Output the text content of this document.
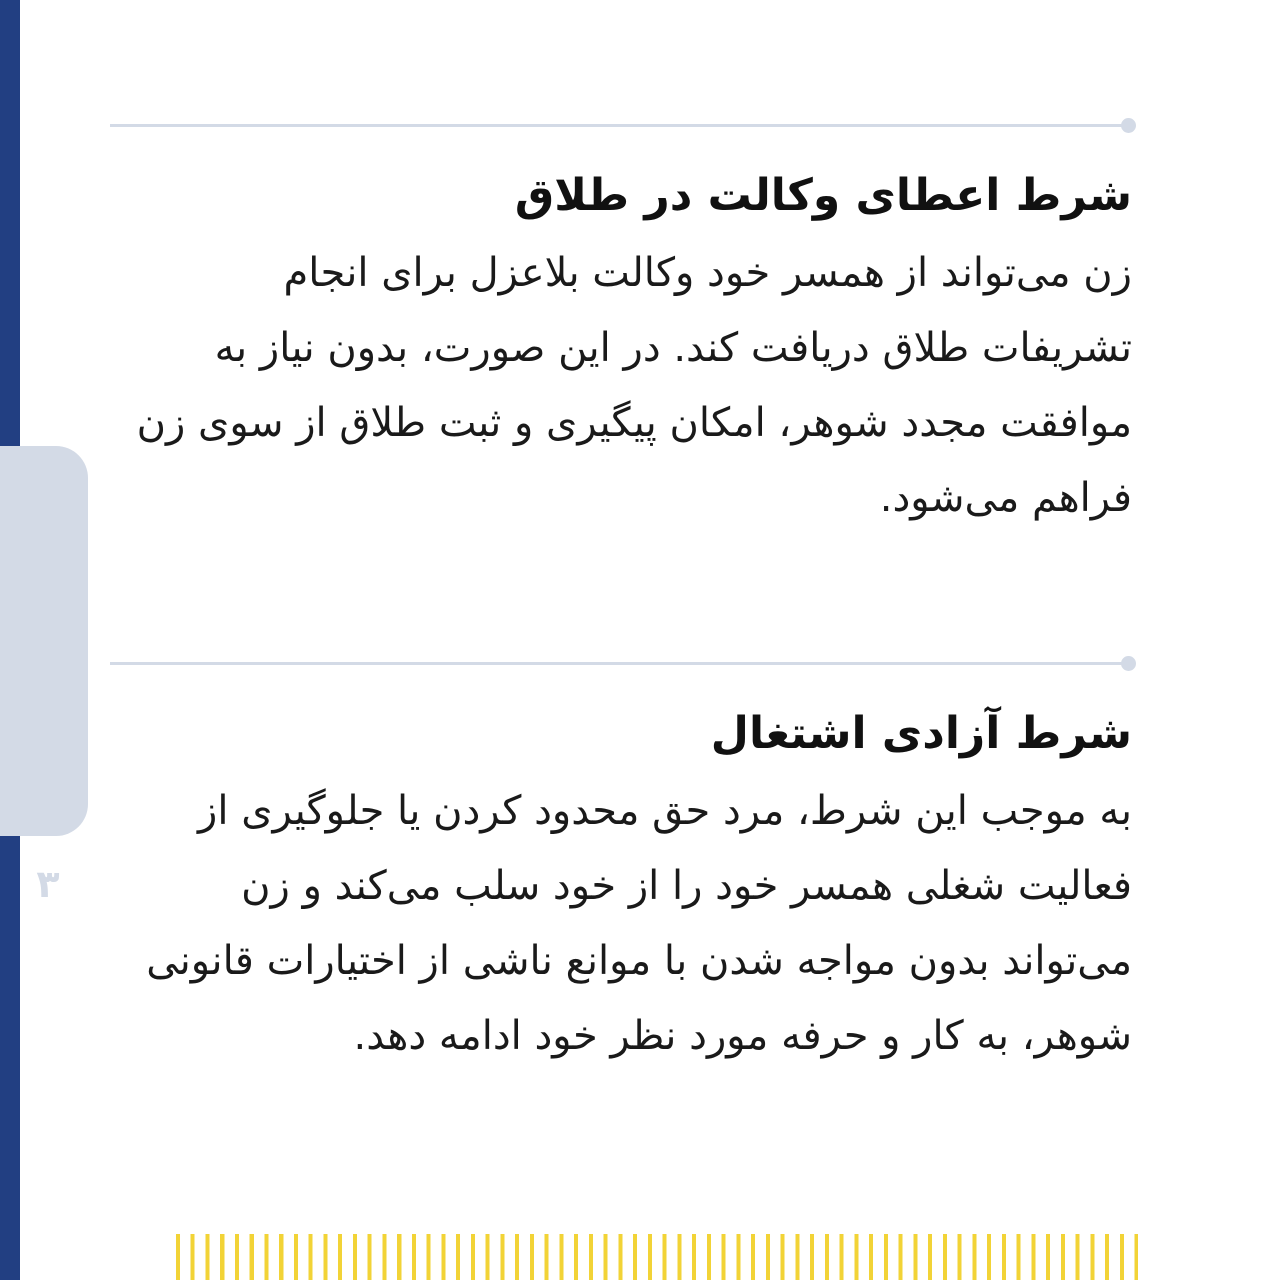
dadban.info
۳
شرط اعطای وکالت در طلاق

زن می‌تواند از همسر خود وکالت بلاعزل برای انجام تشریفات طلاق دریافت کند. در این صورت، بدون نیاز به موافقت مجدد شوهر، امکان پیگیری و ثبت طلاق از سوی زن فراهم می‌شود.

شرط آزادی اشتغال

به موجب این شرط، مرد حق محدود کردن یا جلوگیری از فعالیت شغلی همسر خود را از خود سلب می‌کند و زن می‌تواند بدون مواجه شدن با موانع ناشی از اختیارات قانونی شوهر، به کار و حرفه مورد نظر خود ادامه دهد.
